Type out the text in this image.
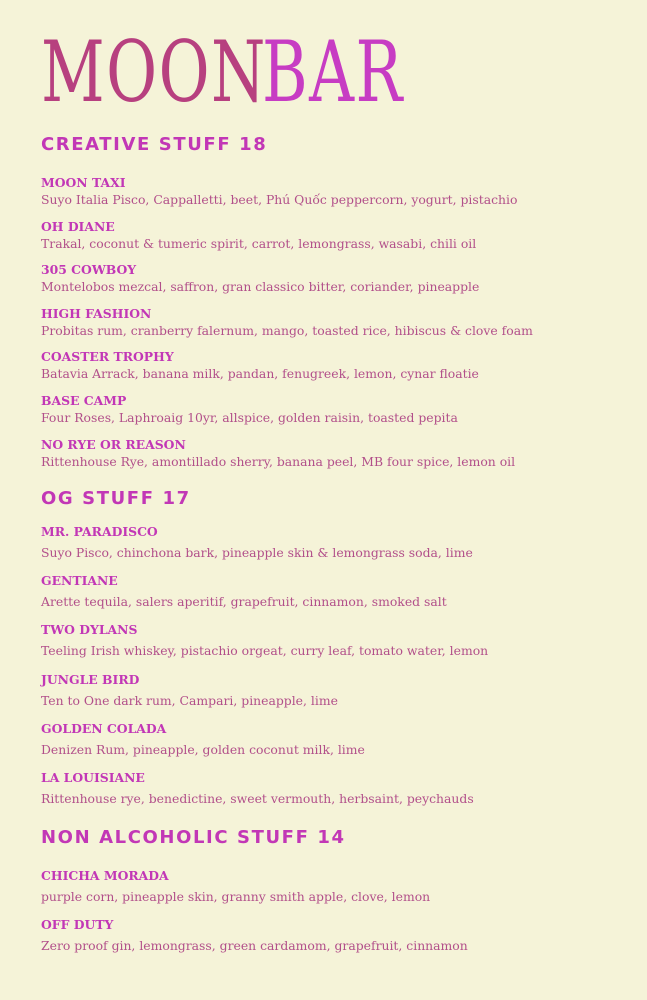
MOON
BAR
CREATIVE STUFF 18
MOON TAXI
Suyo Italia Pisco, Cappalletti, beet, Phú Quốc peppercorn, yogurt, pistachio
OH DIANE
Trakal, coconut & tumeric spirit, carrot, lemongrass, wasabi, chili oil
305 COWBOY
Montelobos mezcal, saffron, gran classico bitter, coriander, pineapple
HIGH FASHION
Probitas rum, cranberry falernum, mango, toasted rice, hibiscus & clove foam
COASTER TROPHY
Batavia Arrack, banana milk, pandan, fenugreek, lemon, cynar floatie
BASE CAMP
Four Roses, Laphroaig 10yr, allspice, golden raisin, toasted pepita
NO RYE OR REASON
Rittenhouse Rye, amontillado sherry, banana peel, MB four spice, lemon oil
OG STUFF 17
MR. PARADISCO
Suyo Pisco, chinchona bark, pineapple skin & lemongrass soda, lime
GENTIANE
Arette tequila, salers aperitif, grapefruit, cinnamon, smoked salt
TWO DYLANS
Teeling Irish whiskey, pistachio orgeat, curry leaf, tomato water, lemon
JUNGLE BIRD
Ten to One dark rum, Campari, pineapple, lime
GOLDEN COLADA
Denizen Rum, pineapple, golden coconut milk, lime
LA LOUISIANE
Rittenhouse rye, benedictine, sweet vermouth, herbsaint, peychauds
NON ALCOHOLIC STUFF 14
CHICHA MORADA
purple corn, pineapple skin, granny smith apple, clove, lemon
OFF DUTY
Zero proof gin, lemongrass, green cardamom, grapefruit, cinnamon
